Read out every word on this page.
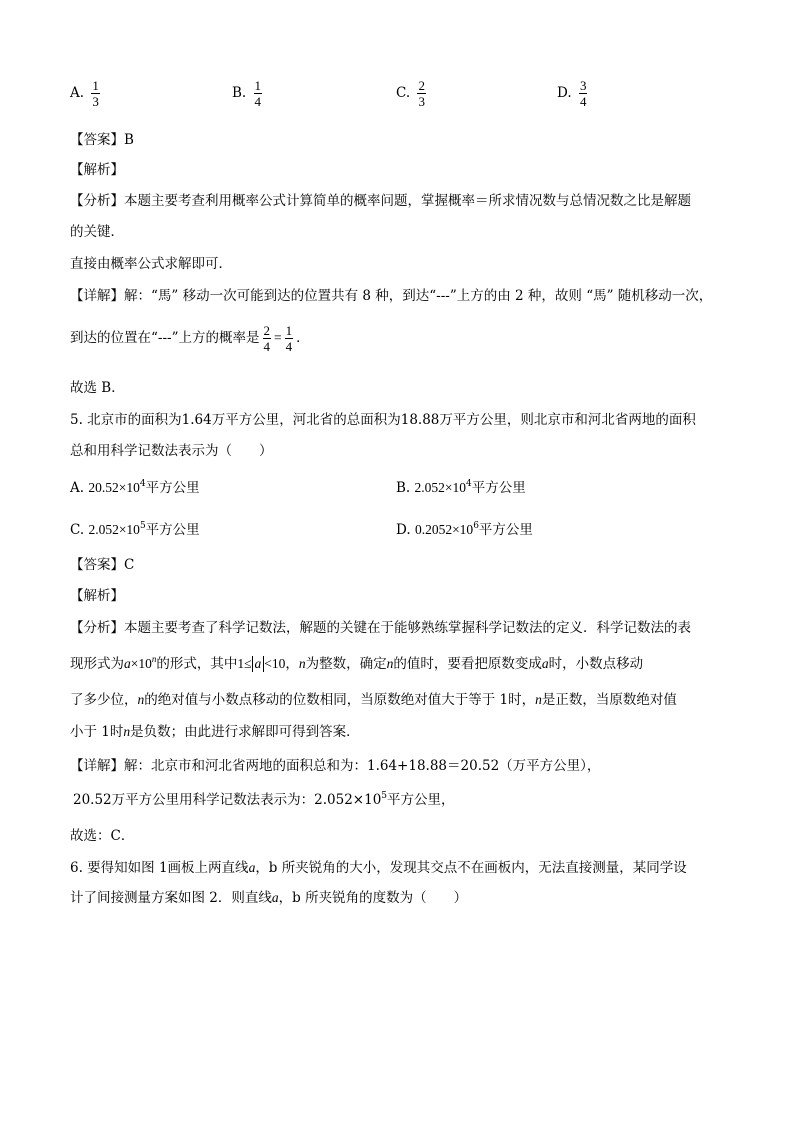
A. $\frac{1}{3}$	B. $\frac{1}{4}$	C. $\frac{2}{3}$	D. $\frac{3}{4}$
【答案】B
【解析】
【分析】本题主要考查利用概率公式计算简单的概率问题，掌握概率＝所求情况数与总情况数之比是解题
的关键．
直接由概率公式求解即可．
【详解】解：“馬” 移动一次可能到达的位置共有 8 种，到达“---”上方的由 2 种，故则 “馬” 随机移动一次，
到达的位置在“---”上方的概率是 $\frac{2}{4} = \frac{1}{4}$ ．
故选 B．
5. 北京市的面积为1.64万平方公里，河北省的总面积为18.88万平方公里，则北京市和河北省两地的面积
总和用科学记数法表示为（　　）
A. $20.52\times 10^4$平方公里	B. $2.052\times 10^4$平方公里
C. $2.052\times 10^5$平方公里	D. $0.2052\times 10^6$平方公里
【答案】C
【解析】
【分析】本题主要考查了科学记数法，解题的关键在于能够熟练掌握科学记数法的定义．科学记数法的表
现形式为$a\times 10^n$的形式，其中1≤ a <10，n为整数，确定n的值时，要看把原数变成a时，小数点移动
了多少位，n的绝对值与小数点移动的位数相同，当原数绝对值大于等于 1时，n是正数，当原数绝对值
小于 1时n是负数；由此进行求解即可得到答案．
【详解】解：北京市和河北省两地的面积总和为：1.64+18.88＝20.52（万平方公里），
20.52万平方公里用科学记数法表示为：$2.052\times 10^5$平方公里，
故选：C．
6. 要得知如图 1画板上两直线a，b 所夹锐角的大小，发现其交点不在画板内，无法直接测量，某同学设
计了间接测量方案如图 2．则直线a，b 所夹锐角的度数为（　　）
